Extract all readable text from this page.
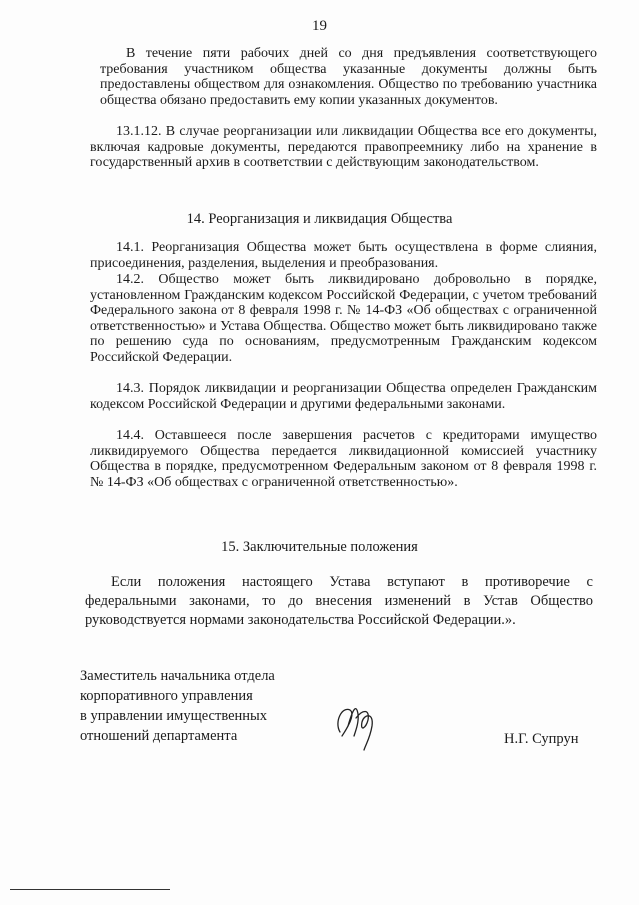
19
В течение пяти рабочих дней со дня предъявления соответствующего требования участником общества указанные документы должны быть предоставлены обществом для ознакомления. Общество по требованию участника общества обязано предоставить ему копии указанных документов.
13.1.12. В случае реорганизации или ликвидации Общества все его документы, включая кадровые документы, передаются правопреемнику либо на хранение в государственный архив в соответствии с действующим законодательством.
14. Реорганизация и ликвидация Общества
14.1. Реорганизация Общества может быть осуществлена в форме слияния, присоединения, разделения, выделения и преобразования.
14.2. Общество может быть ликвидировано добровольно в порядке, установленном Гражданским кодексом Российской Федерации, с учетом требований Федерального закона от 8 февраля 1998 г. № 14-ФЗ «Об обществах с ограниченной ответственностью» и Устава Общества. Общество может быть ликвидировано также по решению суда по основаниям, предусмотренным Гражданским кодексом Российской Федерации.
14.3. Порядок ликвидации и реорганизации Общества определен Гражданским кодексом Российской Федерации и другими федеральными законами.
14.4. Оставшееся после завершения расчетов с кредиторами имущество ликвидируемого Общества передается ликвидационной комиссией участнику Общества в порядке, предусмотренном Федеральным законом от 8 февраля 1998 г. № 14-ФЗ «Об обществах с ограниченной ответственностью».
15. Заключительные положения
Если положения настоящего Устава вступают в противоречие с федеральными законами, то до внесения изменений в Устав Общество руководствуется нормами законодательства Российской Федерации.».
Заместитель начальника отдела
корпоративного управления
в управлении имущественных
отношений департамента	Н.Г. Супрун
